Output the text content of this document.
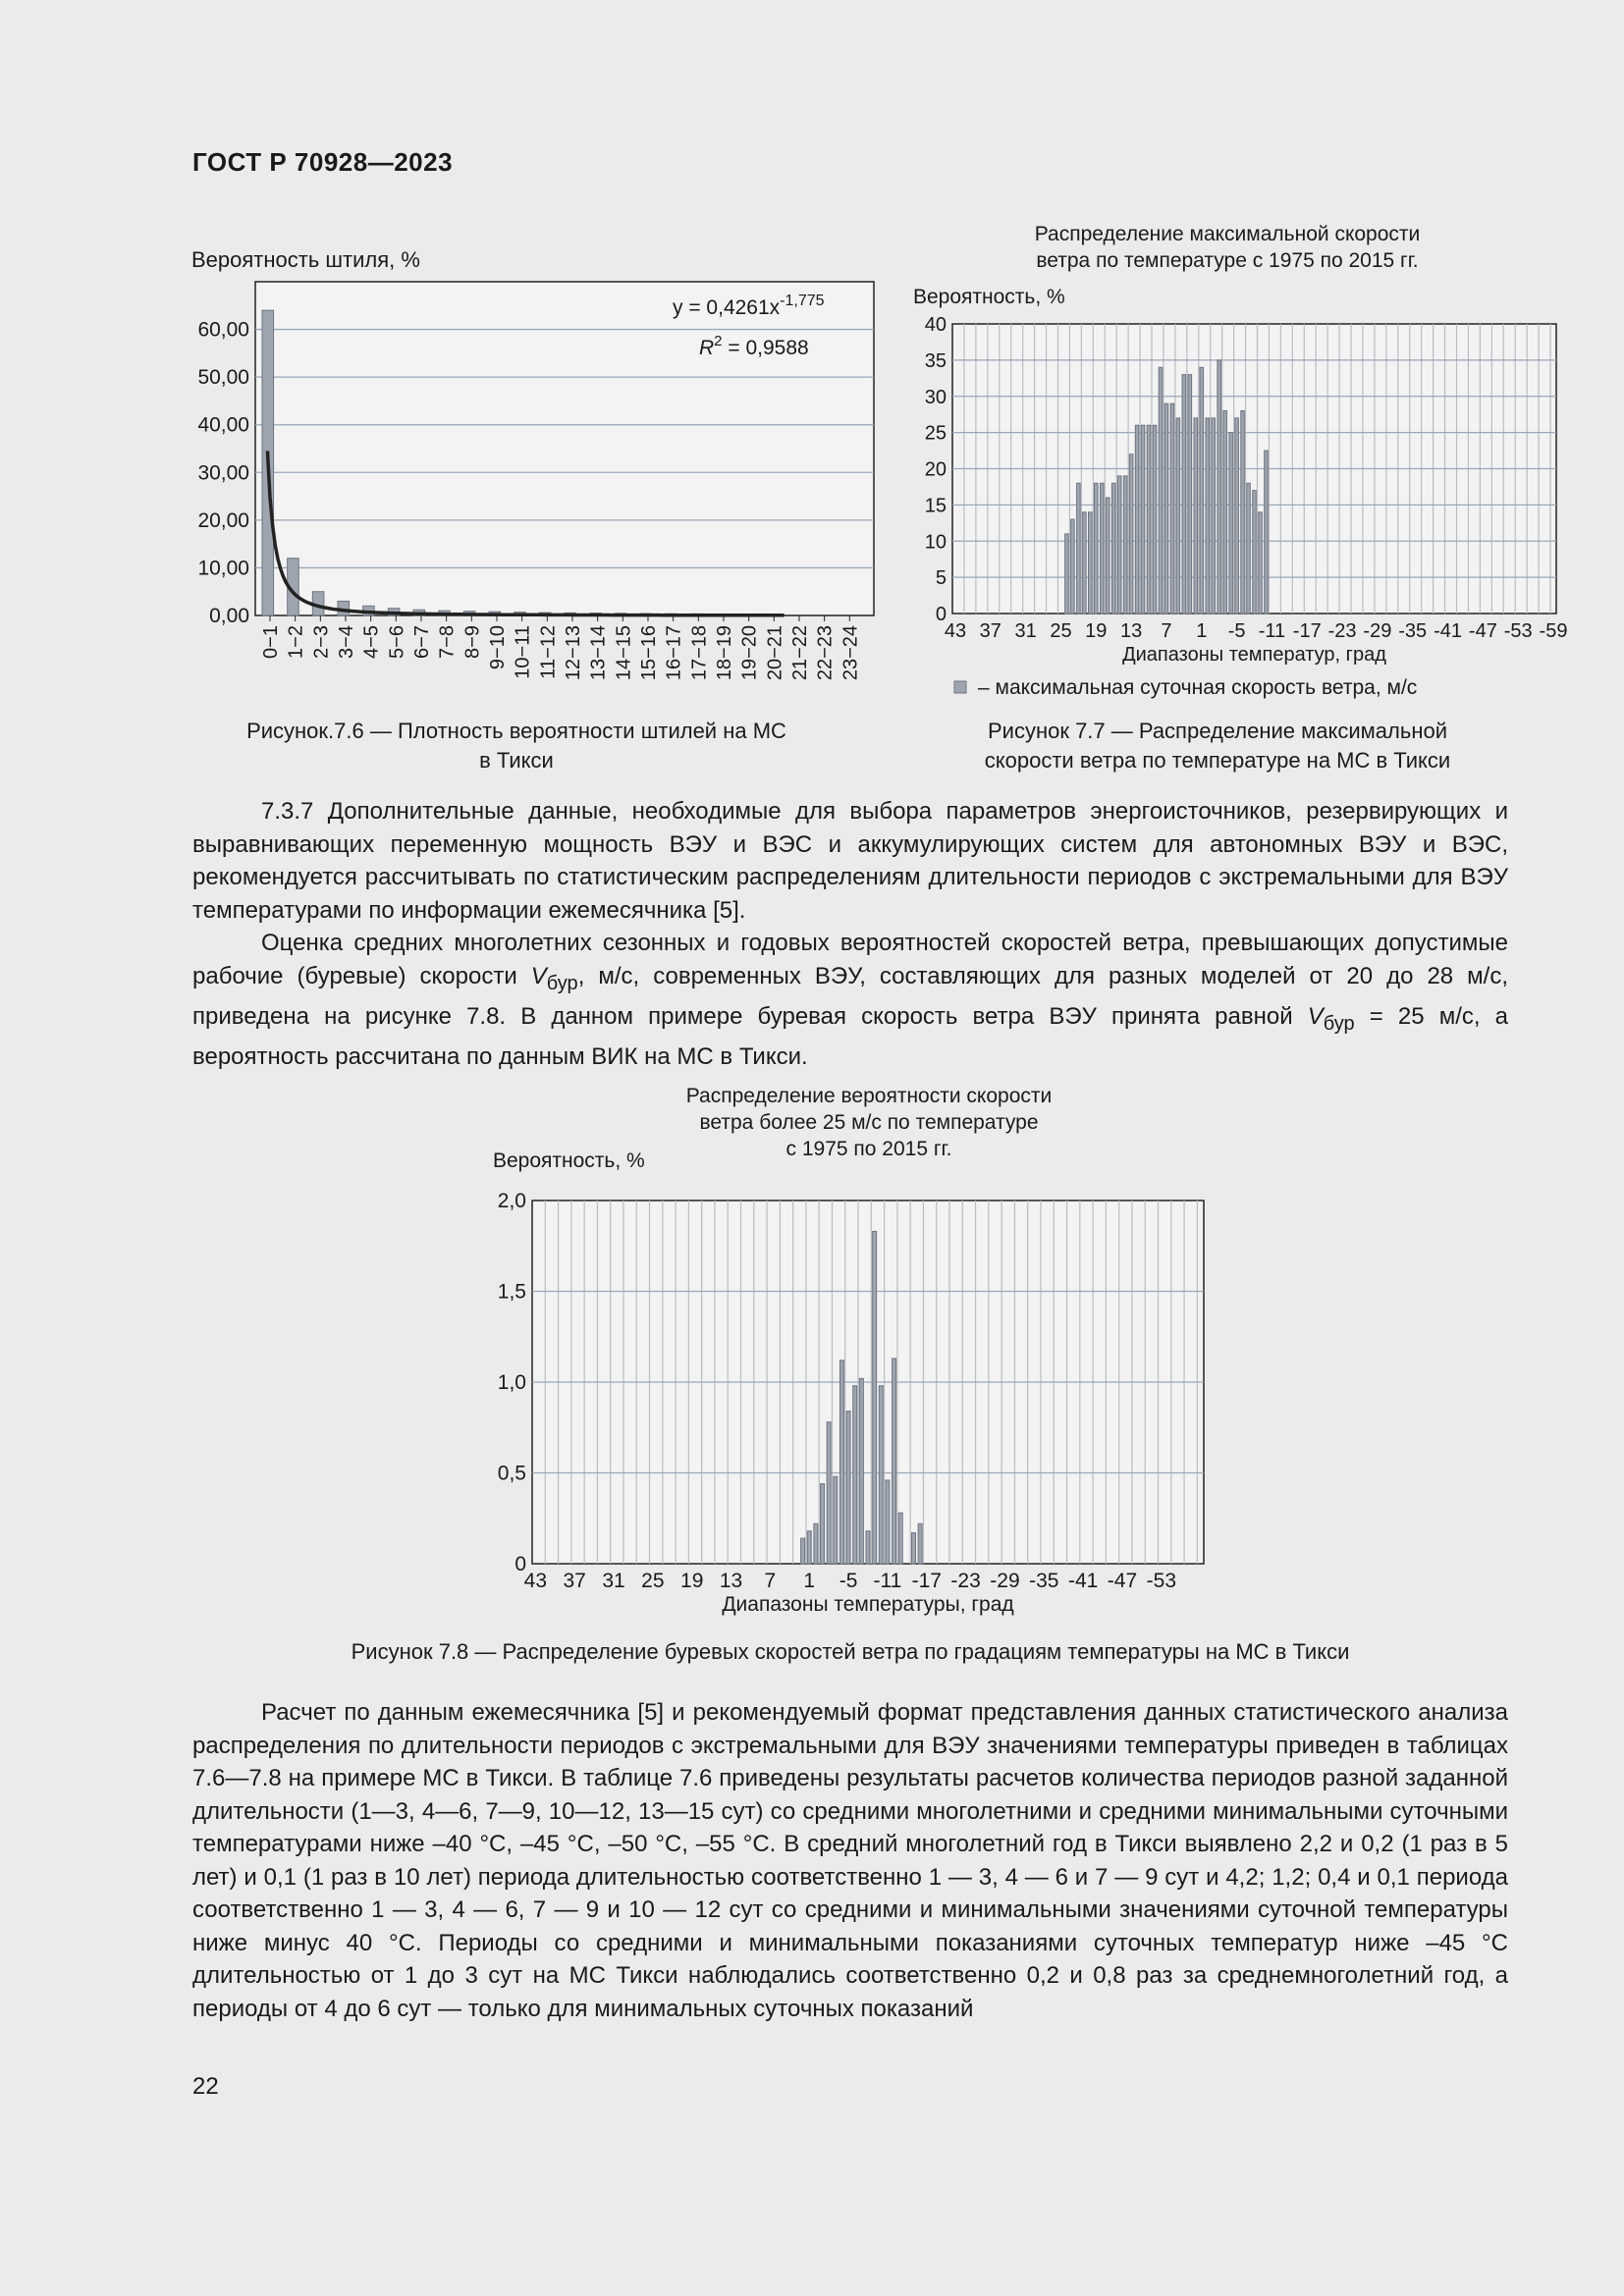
ГОСТ Р 70928—2023
Вероятность штиля, %
0,00
10,00
20,00
30,00
40,00
50,00
60,00
0−1 1−2 2−3 3−4 4−5 5−6 6−7 7−8 8−9 9−10 10−11 11−12 12−13 13−14 14−15 15−16 16−17 17−18 18−19 19−20 20−21 21−22 22−23 23−24
$y = 0,4261x^{-1,775}$
$R^2 = 0,9588$
Рисунок.7.6 — Плотность вероятности штилей на МС
в Тикси
Распределение максимальной скорости
ветра по температуре с 1975 по 2015 гг.
Вероятность, %
0
5
10
15
20
25
30
35
40
43 37 31 25 19 13 7 1 -5 -11 -17 -23 -29 -35 -41 -47 -53 -59
Диапазоны температур, град
– максимальная суточная скорость ветра, м/с
Рисунок 7.7 — Распределение максимальной
скорости ветра по температуре на МС в Тикси

7.3.7 Дополнительные данные, необходимые для выбора параметров энергоисточников, резервирующих и выравнивающих переменную мощность ВЭУ и ВЭС и аккумулирующих систем для автономных ВЭУ и ВЭС, рекомендуется рассчитывать по статистическим распределениям длительности периодов с экстремальными для ВЭУ температурами по информации ежемесячника [5].

Оценка средних многолетних сезонных и годовых вероятностей скоростей ветра, превышающих допустимые рабочие (буревые) скорости $V_{бур}$, м/с, современных ВЭУ, составляющих для разных моделей от 20 до 28 м/с, приведена на рисунке 7.8. В данном примере буревая скорость ветра ВЭУ принята равной $V_{бур} = 25$ м/с, а вероятность рассчитана по данным ВИК на МС в Тикси.

Распределение вероятности скорости
ветра более 25 м/с по температуре
с 1975 по 2015 гг.
Вероятность, %
0
0,5
1,0
1,5
2,0
43 37 31 25 19 13 7 1 -5 -11 -17 -23 -29 -35 -41 -47 -53
Диапазоны температуры, град
Рисунок 7.8 — Распределение буревых скоростей ветра по градациям температуры на МС в Тикси

Расчет по данным ежемесячника [5] и рекомендуемый формат представления данных статистического анализа распределения по длительности периодов с экстремальными для ВЭУ значениями температуры приведен в таблицах 7.6—7.8 на примере МС в Тикси. В таблице 7.6 приведены результаты расчетов количества периодов разной заданной длительности (1—3, 4—6, 7—9, 10—12, 13—15 сут) со средними многолетними и средними минимальными суточными температурами ниже –40 °С, –45 °С, –50 °С, –55 °С. В средний многолетний год в Тикси выявлено 2,2 и 0,2 (1 раз в 5 лет) и 0,1 (1 раз в 10 лет) периода длительностью соответственно 1 — 3, 4 — 6 и 7 — 9 сут и 4,2; 1,2; 0,4 и 0,1 периода соответственно 1 — 3, 4 — 6, 7 — 9 и 10 — 12 сут со средними и минимальными значениями суточной температуры ниже минус 40 °С. Периоды со средними и минимальными показаниями суточных температур ниже –45 °С длительностью от 1 до 3 сут на МС Тикси наблюдались соответственно 0,2 и 0,8 раз за среднемноголетний год, а периоды от 4 до 6 сут — только для минимальных суточных показаний

22
